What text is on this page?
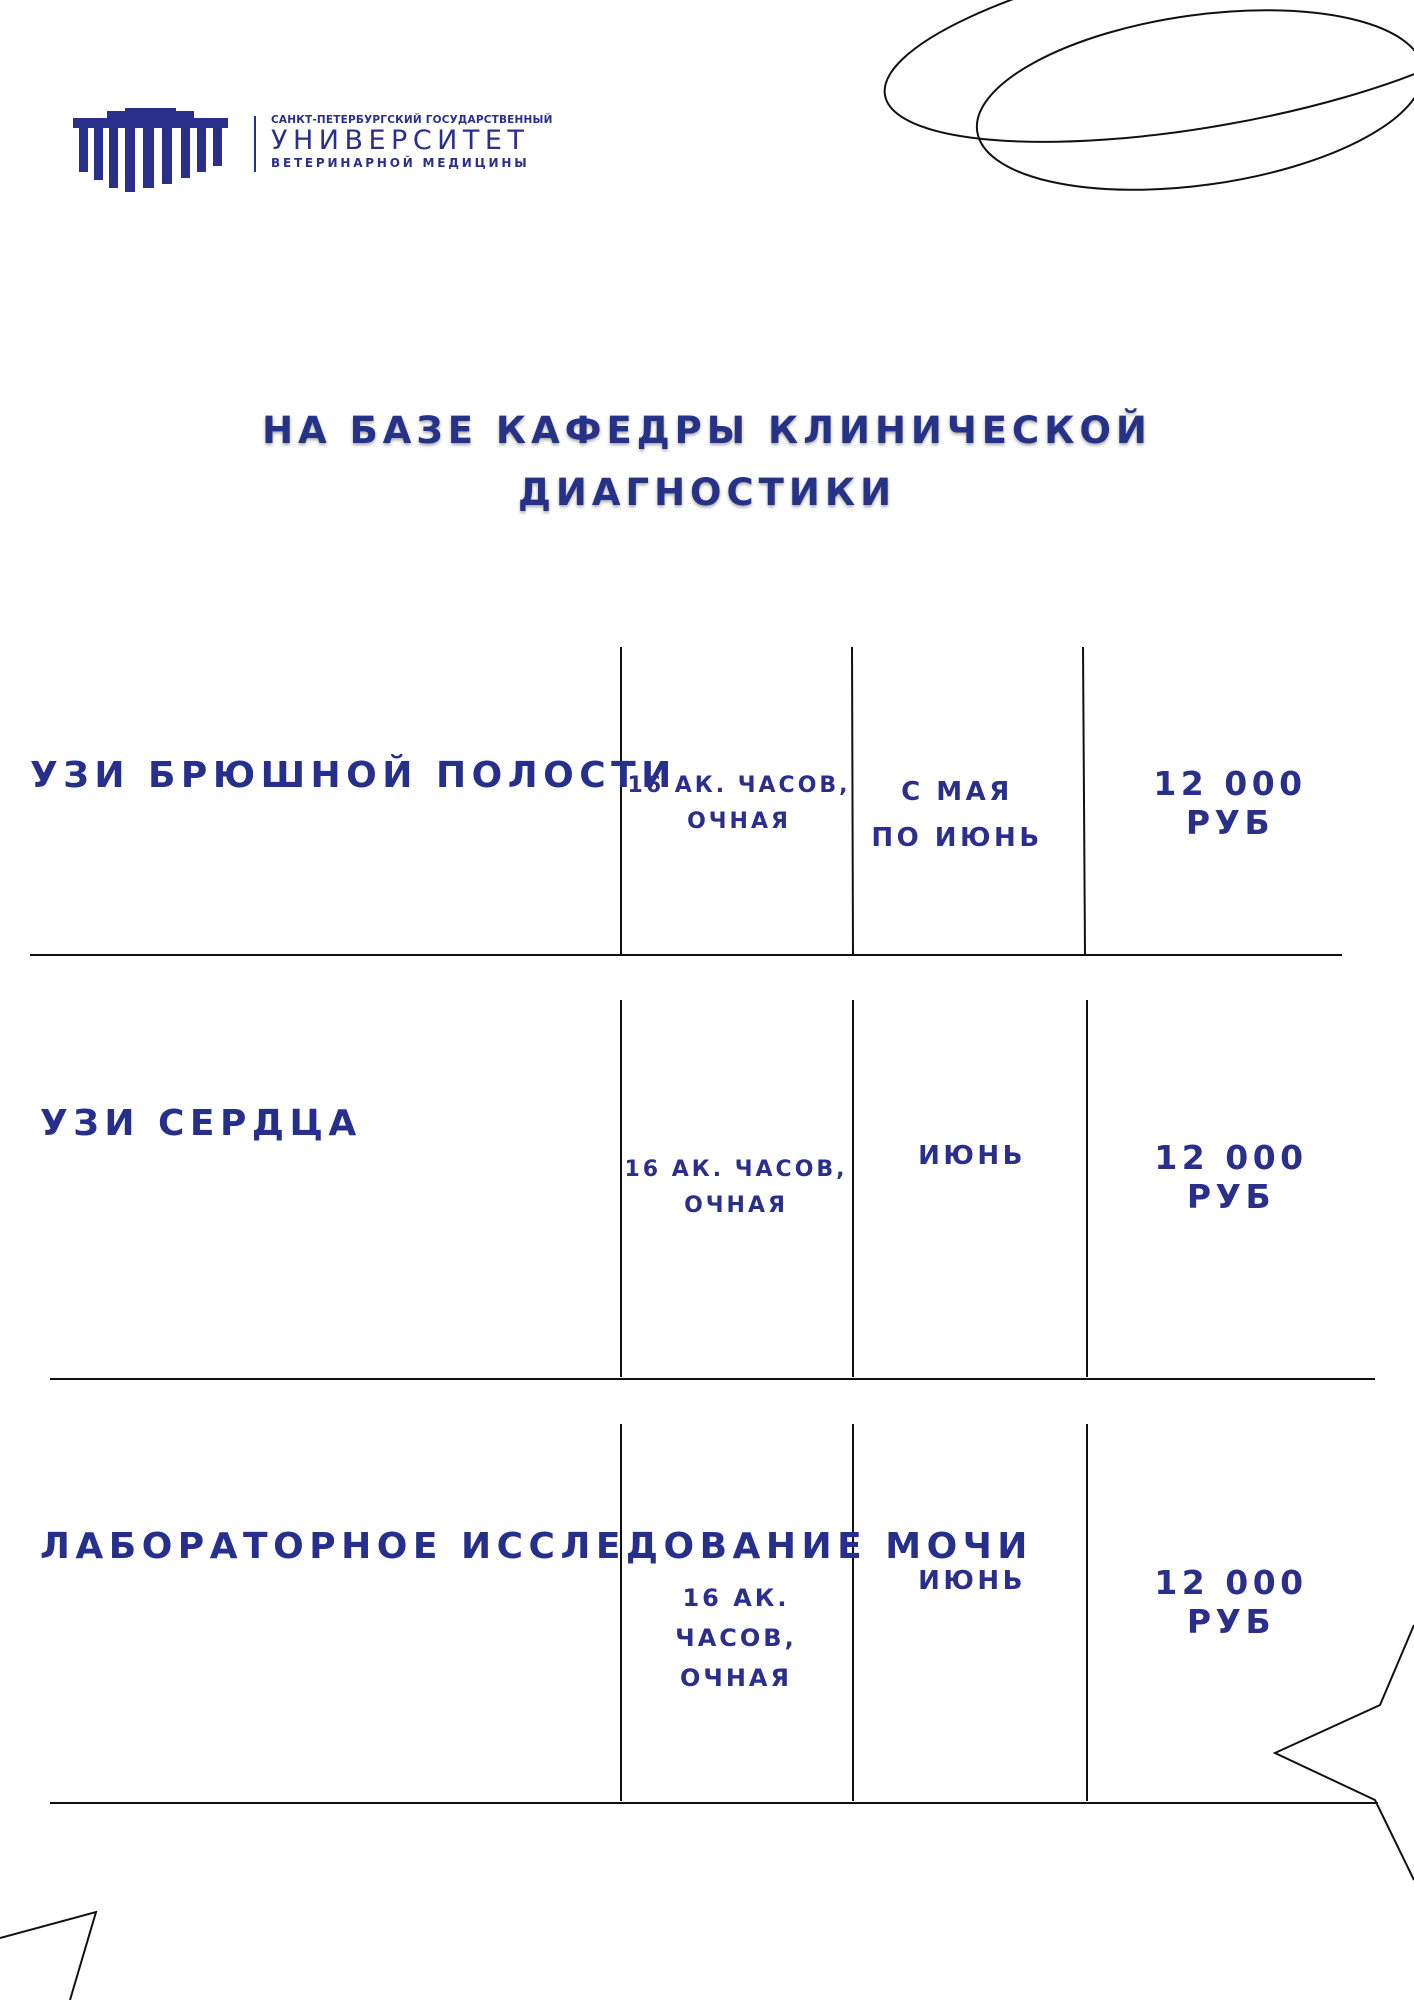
САНКТ-ПЕТЕРБУРГСКИЙ ГОСУДАРСТВЕННЫЙ
УНИВЕРСИТЕТ
ВЕТЕРИНАРНОЙ МЕДИЦИНЫ
НА БАЗЕ КАФЕДРЫ КЛИНИЧЕСКОЙ
ДИАГНОСТИКИ
УЗИ БРЮШНОЙ ПОЛОСТИ
16 АК. ЧАСОВ,
ОЧНАЯ
С МАЯ
ПО ИЮНЬ
12 000 РУБ
УЗИ СЕРДЦА
16 АК. ЧАСОВ,
ОЧНАЯ
ИЮНЬ	12 000 РУБ
ЛАБОРАТОРНОЕ ИССЛЕДОВАНИЕ МОЧИ
16 АК. ЧАСОВ,
ОЧНАЯ
ИЮНЬ	12 000 РУБ
